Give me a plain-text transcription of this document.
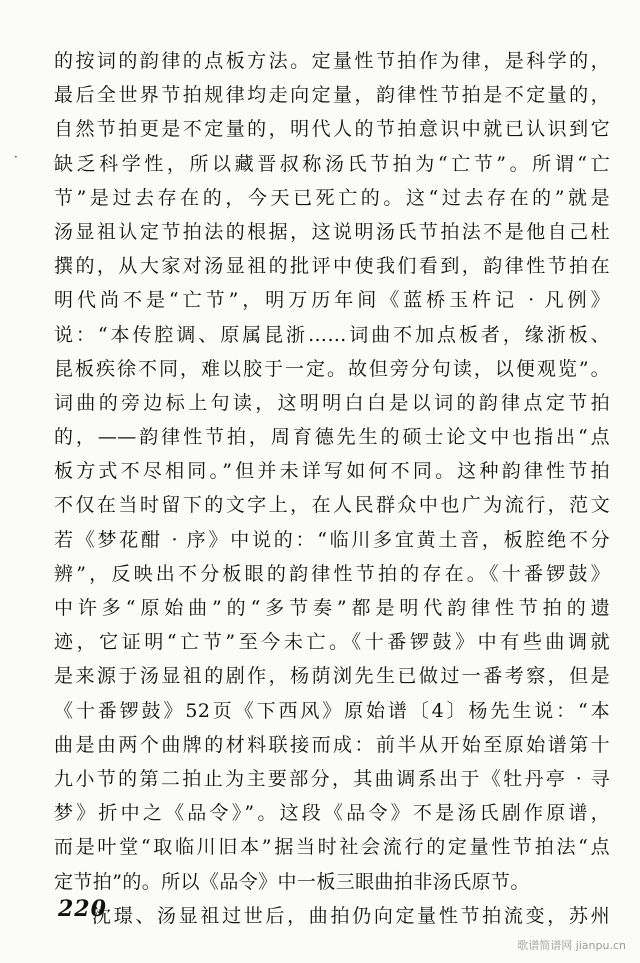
·
的按词的韵律的点板方法。定量性节拍作为律，是科学的，
最后全世界节拍规律均走向定量，韵律性节拍是不定量的，
自然节拍更是不定量的，明代人的节拍意识中就已认识到它
缺乏科学性，所以藏晋叔称汤氏节拍为“亡节”。所谓“亡
节”是过去存在的，今天已死亡的。这“过去存在的”就是
汤显祖认定节拍法的根据，这说明汤氏节拍法不是他自己杜
撰的，从大家对汤显祖的批评中使我们看到，韵律性节拍在
明代尚不是“亡节”，明万历年间《蓝桥玉杵记 · 凡例》
说：“本传腔调、原属昆浙……词曲不加点板者，缘浙板、
昆板疾徐不同，难以胶于一定。故但旁分句读，以便观览”。
词曲的旁边标上句读，这明明白白是以词的韵律点定节拍
的，——韵律性节拍，周育德先生的硕士论文中也指出“点
板方式不尽相同。”但并未详写如何不同。这种韵律性节拍
不仅在当时留下的文字上，在人民群众中也广为流行，范文
若《梦花酣 · 序》中说的：“临川多宜黄土音，板腔绝不分
辨”，反映出不分板眼的韵律性节拍的存在。《十番锣鼓》
中许多“原始曲”的“多节奏”都是明代韵律性节拍的遗
迹，它证明“亡节”至今未亡。《十番锣鼓》中有些曲调就
是来源于汤显祖的剧作，杨荫浏先生已做过一番考察，但是
《十番锣鼓》52页《下西风》原始谱〔4〕杨先生说：“本
曲是由两个曲牌的材料联接而成：前半从开始至原始谱第十
九小节的第二拍止为主要部分，其曲调系出于《牡丹亭 · 寻
梦》折中之《品令》”。这段《品令》不是汤氏剧作原谱，
而是叶堂“取临川旧本”据当时社会流行的定量性节拍法“点
定节拍”的。所以《品令》中一板三眼曲拍非汤氏原节。
沈璟、汤显祖过世后，曲拍仍向定量性节拍流变，苏州
220
歌谱简谱网 jianpu.cn
